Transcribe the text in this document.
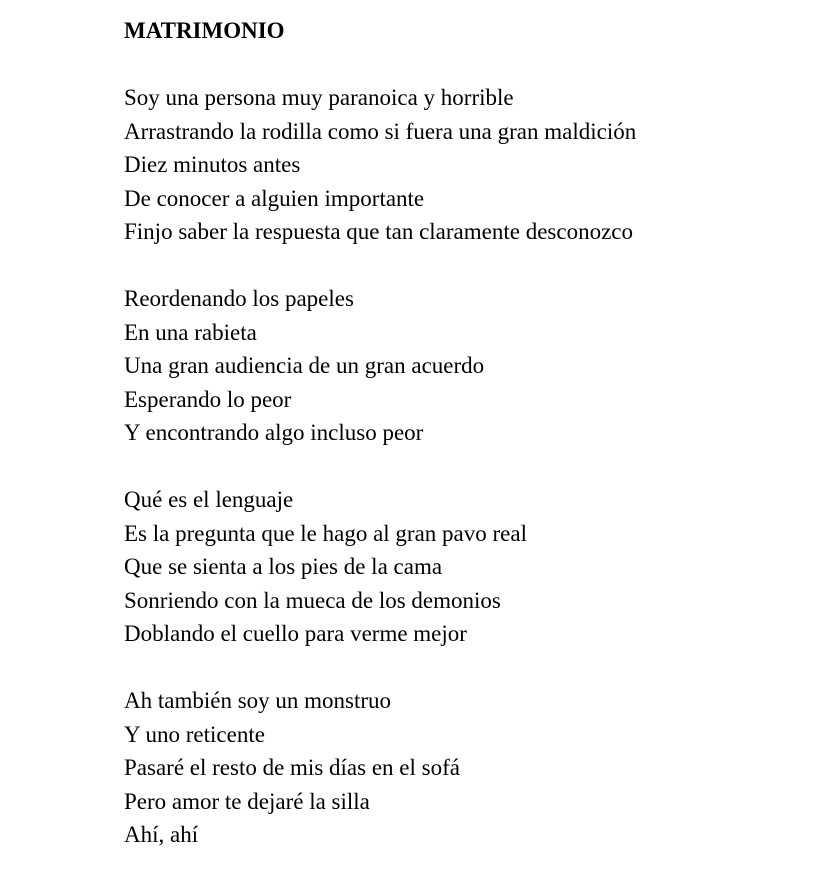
MATRIMONIO
Soy una persona muy paranoica y horrible
Arrastrando la rodilla como si fuera una gran maldición
Diez minutos antes
De conocer a alguien importante
Finjo saber la respuesta que tan claramente desconozco
Reordenando los papeles
En una rabieta
Una gran audiencia de un gran acuerdo
Esperando lo peor
Y encontrando algo incluso peor
Qué es el lenguaje
Es la pregunta que le hago al gran pavo real
Que se sienta a los pies de la cama
Sonriendo con la mueca de los demonios
Doblando el cuello para verme mejor
Ah también soy un monstruo
Y uno reticente
Pasaré el resto de mis días en el sofá
Pero amor te dejaré la silla
Ahí, ahí
